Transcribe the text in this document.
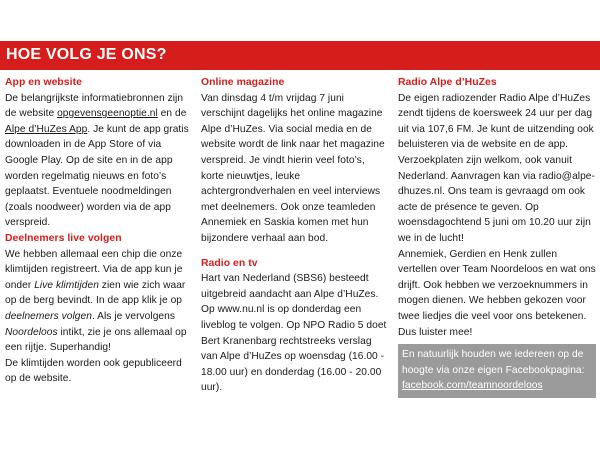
HOE VOLG JE ONS?
App en website

De belangrijkste informatiebronnen zijn de website opgevensgeenoptie.nl en de Alpe d’HuZes App. Je kunt de app gratis downloaden in de App Store of via Google Play. Op de site en in de app worden regelmatig nieuws en foto’s geplaatst. Eventuele noodmeldingen (zoals noodweer) worden via de app verspreid.

Deelnemers live volgen

We hebben allemaal een chip die onze klimtijden registreert. Via de app kun je onder Live klimtijden zien wie zich waar op de berg bevindt. In de app klik je op deelnemers volgen. Als je vervolgens Noordeloos intikt, zie je ons allemaal op een rijtje. Superhandig!

De klimtijden worden ook gepubliceerd op de website.

Online magazine

Van dinsdag 4 t/m vrijdag 7 juni verschijnt dagelijks het online magazine Alpe d’HuZes. Via social media en de website wordt de link naar het magazine verspreid. Je vindt hierin veel foto’s, korte nieuwtjes, leuke achtergrondverhalen en veel interviews met deelnemers. Ook onze teamleden Annemiek en Saskia komen met hun bijzondere verhaal aan bod.

Radio en tv

Hart van Nederland (SBS6) besteedt uitgebreid aandacht aan Alpe d’HuZes. Op www.nu.nl is op donderdag een liveblog te volgen. Op NPO Radio 5 doet Bert Kranenbarg rechtstreeks verslag van Alpe d’HuZes op woensdag (16.00 - 18.00 uur) en donderdag (16.00 - 20.00 uur).

Radio Alpe d’HuZes

De eigen radiozender Radio Alpe d’HuZes zendt tijdens de koersweek 24 uur per dag uit via 107,6 FM. Je kunt de uitzending ook beluisteren via de website en de app. Verzoekplaten zijn welkom, ook vanuit Nederland. Aanvragen kan via radio@alpe-dhuzes.nl. Ons team is gevraagd om ook acte de présence te geven. Op woensdagochtend 5 juni om 10.20 uur zijn we in de lucht!

Annemiek, Gerdien en Henk zullen vertellen over Team Noordeloos en wat ons drijft. Ook hebben we verzoeknummers in mogen dienen. We hebben gekozen voor twee liedjes die veel voor ons betekenen. Dus luister mee!

En natuurlijk houden we iedereen op de hoogte via onze eigen Facebookpagina: facebook.com/teamnoordeloos
